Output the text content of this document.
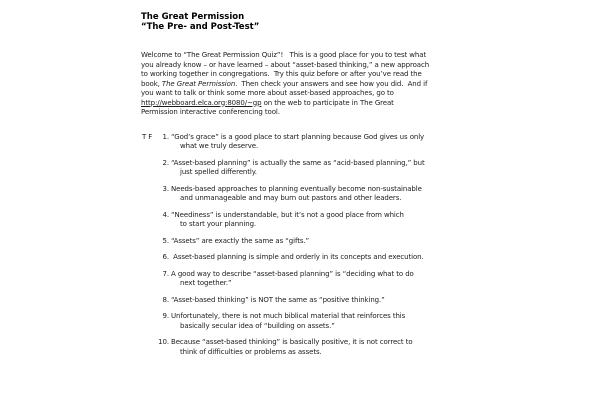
The Great Permission
“The Pre- and Post-Test”
Welcome to “The Great Permission Quiz”!   This is a good place for you to test what
you already know – or have learned – about “asset-based thinking,” a new approach
to working together in congregations.  Try this quiz before or after you’ve read the
book, The Great Permission.  Then check your answers and see how you did.  And if
you want to talk or think some more about asset-based approaches, go to
http://webboard.elca.org:8080/~gp on the web to participate in The Great
Permission interactive conferencing tool.
T F	1. “God’s grace” is a good place to start planning because God gives us only
what we truly deserve.
2. “Asset-based planning” is actually the same as “acid-based planning,” but
just spelled differently.
3. Needs-based approaches to planning eventually become non-sustainable
and unmanageable and may burn out pastors and other leaders.
4. “Neediness” is understandable, but it’s not a good place from which
to start your planning.
5. “Assets” are exactly the same as “gifts.”
6. Asset-based planning is simple and orderly in its concepts and execution.
7. A good way to describe “asset-based planning” is “deciding what to do
next together.”
8. “Asset-based thinking” is NOT the same as “positive thinking.”
9. Unfortunately, there is not much biblical material that reinforces this
basically secular idea of “building on assets.”
10. Because “asset-based thinking” is basically positive, it is not correct to
think of difficulties or problems as assets.
